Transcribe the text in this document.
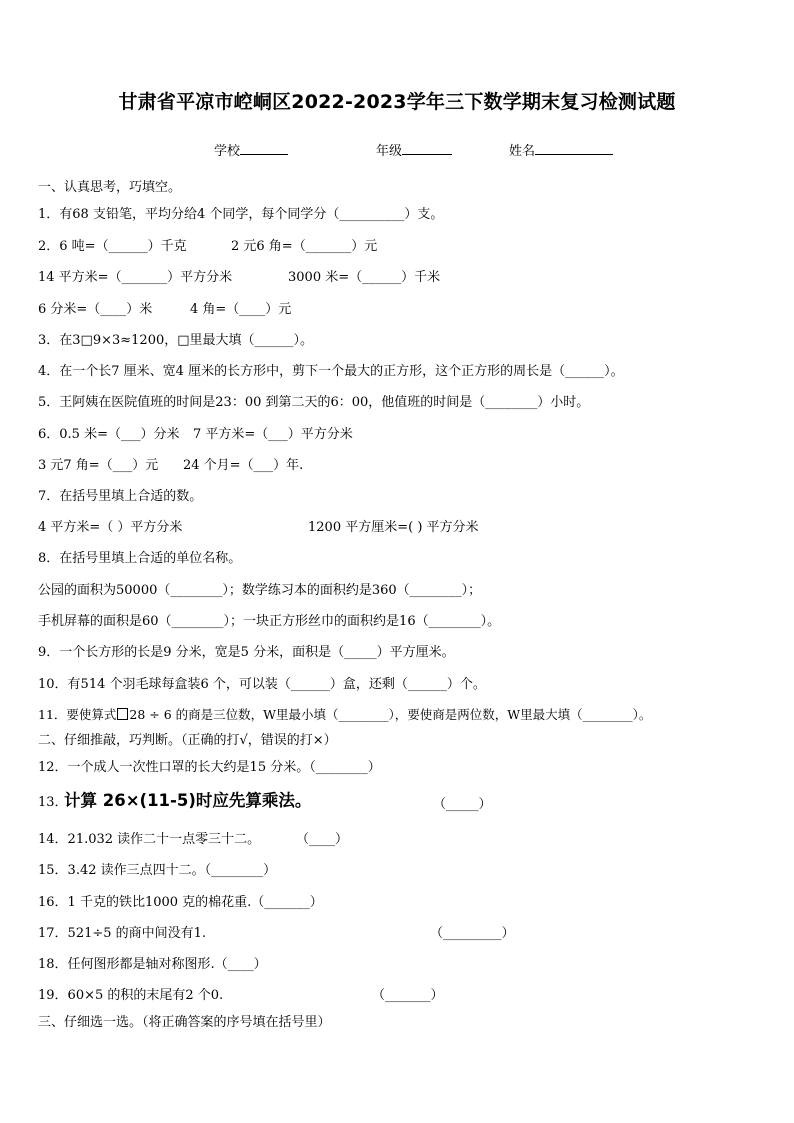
甘肃省平凉市崆峒区2022-2023学年三下数学期末复习检测试题
学校	年级	姓名
一、认真思考，巧填空。
1．有68 支铅笔，平均分给4 个同学，每个同学分（__________）支。
2．6 吨=（______）千克	2 元6 角=（_______）元
14 平方米=（_______）平方分米	3000 米=（______）千米
6 分米=（____）米	4 角=（____）元
3．在3□9×3≈1200，□里最大填（______）。
4．在一个长7 厘米、宽4 厘米的长方形中，剪下一个最大的正方形，这个正方形的周长是（______）。
5．王阿姨在医院值班的时间是23：00 到第二天的6：00，他值班的时间是（________）小时。
6．0.5 米=（___）分米 7 平方米=（___）平方分米
3 元7 角=（___）元 24 个月=（___）年.
7．在括号里填上合适的数。
4 平方米=（ ）平方分米	1200 平方厘米=( ) 平方分米
8．在括号里填上合适的单位名称。
公园的面积为50000（________）；数学练习本的面积约是360（________）；
手机屏幕的面积是60（________）；一块正方形丝巾的面积约是16（________）。
9．一个长方形的长是9 分米，宽是5 分米，面积是（_____）平方厘米。
10．有514 个羽毛球每盒装6 个，可以装（______）盒，还剩（______）个。
11．要使算式 28 ÷ 6 的商是三位数，W里最小填（________），要使商是两位数，W里最大填（________）。
二、仔细推敲，巧判断。（正确的打√，错误的打×）
12．一个成人一次性口罩的长大约是15 分米。（________）
13．
计算 26×(11-5)时应先算乘法。	（_____）
14．21.032 读作二十一点零三十二。	（____）
15．3.42 读作三点四十二。（________）
16．1 千克的铁比1000 克的棉花重.（_______）
17．521÷5 的商中间没有1.	（_________）
18．任何图形都是轴对称图形.（____）
19．60×5 的积的末尾有2 个0.	（_______）
三、仔细选一选。（将正确答案的序号填在括号里）
